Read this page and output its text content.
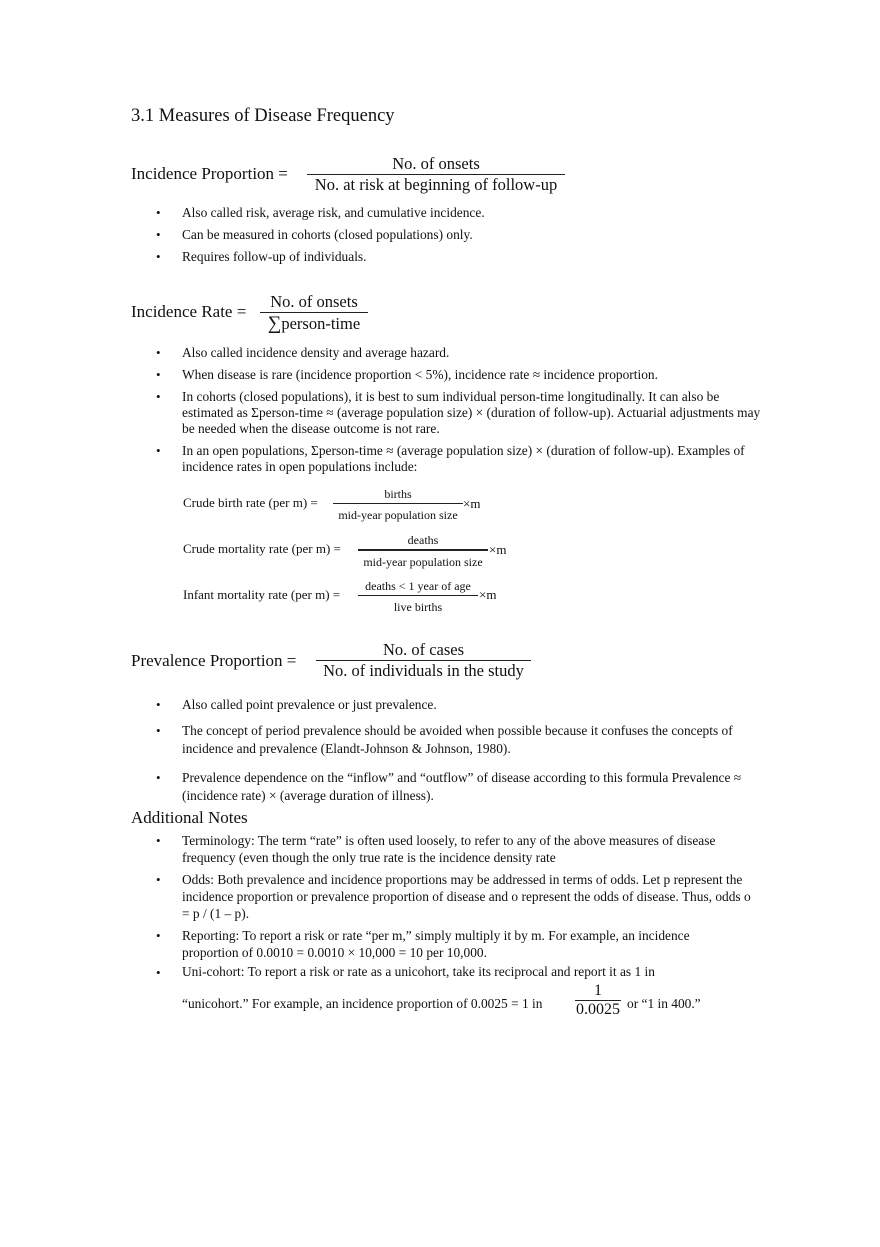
3.1 Measures of Disease Frequency
Incidence Proportion =
No. of onsets
No. at risk at beginning of follow-up
• Also called risk, average risk, and cumulative incidence.
• Can be measured in cohorts (closed populations) only.
• Requires follow-up of individuals.
Incidence Rate =
No. of onsets
∑person-time
• Also called incidence density and average hazard.
• When disease is rare (incidence proportion < 5%), incidence rate ≈ incidence proportion.
• In cohorts (closed populations), it is best to sum individual person-time longitudinally. It can also be estimated as Σperson-time ≈ (average population size) × (duration of follow-up). Actuarial adjustments may be needed when the disease outcome is not rare.
• In an open populations, Σperson-time ≈ (average population size) × (duration of follow-up). Examples of incidence rates in open populations include:
Crude birth rate (per m) =
births
mid-year population size
×m
Crude mortality rate (per m) =
deaths
mid-year population size
×m
Infant mortality rate (per m) =
deaths < 1 year of age
live births
×m
Prevalence Proportion =
No. of cases
No. of individuals in the study
• Also called point prevalence or just prevalence.
• The concept of period prevalence should be avoided when possible because it confuses the concepts of incidence and prevalence (Elandt-Johnson & Johnson, 1980).
• Prevalence dependence on the “inflow” and “outflow” of disease according to this formula Prevalence ≈ (incidence rate) × (average duration of illness).
Additional Notes
• Terminology: The term “rate” is often used loosely, to refer to any of the above measures of disease frequency (even though the only true rate is the incidence density rate
• Odds: Both prevalence and incidence proportions may be addressed in terms of odds. Let p represent the incidence proportion or prevalence proportion of disease and o represent the odds of disease. Thus, odds o = p / (1 – p).
• Reporting: To report a risk or rate “per m,” simply multiply it by m. For example, an incidence proportion of 0.0010 = 0.0010 × 10,000 = 10 per 10,000.
• Uni-cohort: To report a risk or rate as a unicohort, take its reciprocal and report it as 1 in
“unicohort.” For example, an incidence proportion of 0.0025 = 1 in
1
0.0025 or “1 in 400.”
